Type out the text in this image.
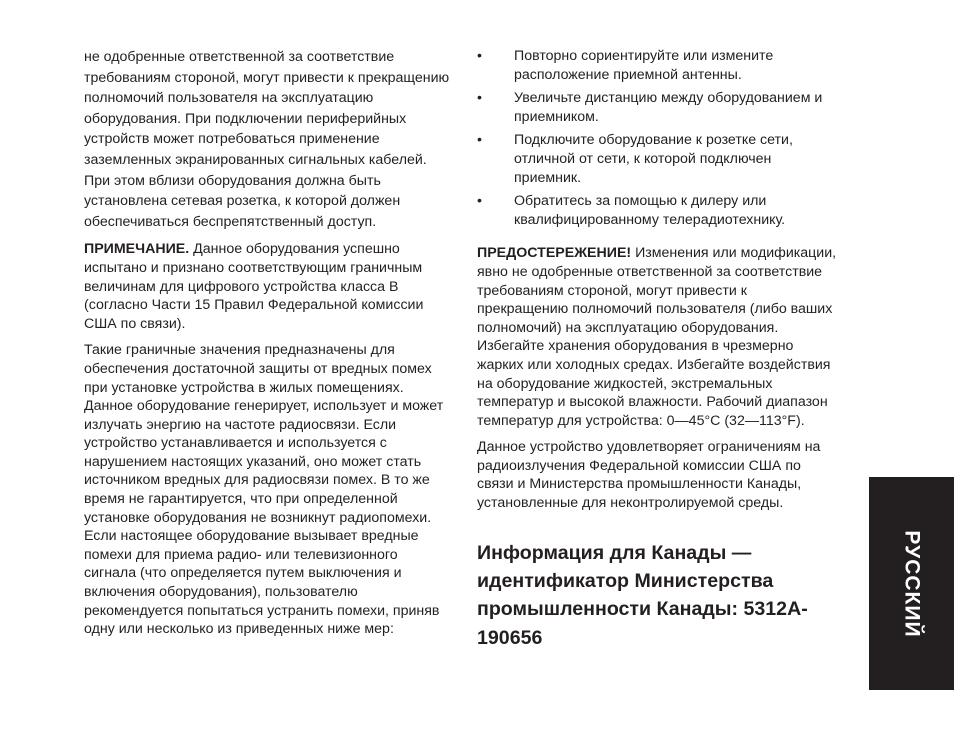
не одобренные ответственной за соответствие требованиям стороной, могут привести к прекращению полномочий пользователя на эксплуатацию оборудования. При подключении периферийных устройств может потребоваться применение заземленных экранированных сигнальных кабелей. При этом вблизи оборудования должна быть установлена сетевая розетка, к которой должен обеспечиваться беспрепятственный доступ.

ПРИМЕЧАНИЕ. Данное оборудования успешно испытано и признано соответствующим граничным величинам для цифрового устройства класса B (согласно Части 15 Правил Федеральной комиссии США по связи).

Такие граничные значения предназначены для обеспечения достаточной защиты от вредных помех при установке устройства в жилых помещениях. Данное оборудование генерирует, использует и может излучать энергию на частоте радиосвязи. Если устройство устанавливается и используется с нарушением настоящих указаний, оно может стать источником вредных для радиосвязи помех. В то же время не гарантируется, что при определенной установке оборудования не возникнут радиопомехи. Если настоящее оборудование вызывает вредные помехи для приема радио- или телевизионного сигнала (что определяется путем выключения и включения оборудования), пользователю рекомендуется попытаться устранить помехи, приняв одну или несколько из приведенных ниже мер:

• Повторно сориентируйте или измените расположение приемной антенны.
• Увеличьте дистанцию между оборудованием и приемником.
• Подключите оборудование к розетке сети, отличной от сети, к которой подключен приемник.
• Обратитесь за помощью к дилеру или квалифицированному телерадиотехнику.

ПРЕДОСТЕРЕЖЕНИЕ! Изменения или модификации, явно не одобренные ответственной за соответствие требованиям стороной, могут привести к прекращению полномочий пользователя (либо ваших полномочий) на эксплуатацию оборудования. Избегайте хранения оборудования в чрезмерно жарких или холодных средах. Избегайте воздействия на оборудование жидкостей, экстремальных температур и высокой влажности. Рабочий диапазон температур для устройства: 0—45°C (32—113°F).

Данное устройство удовлетворяет ограничениям на радиоизлучения Федеральной комиссии США по связи и Министерства промышленности Канады, установленные для неконтролируемой среды.

Информация для Канады — идентификатор Министерства промышленности Канады: 5312A-190656
РУССКИЙ
